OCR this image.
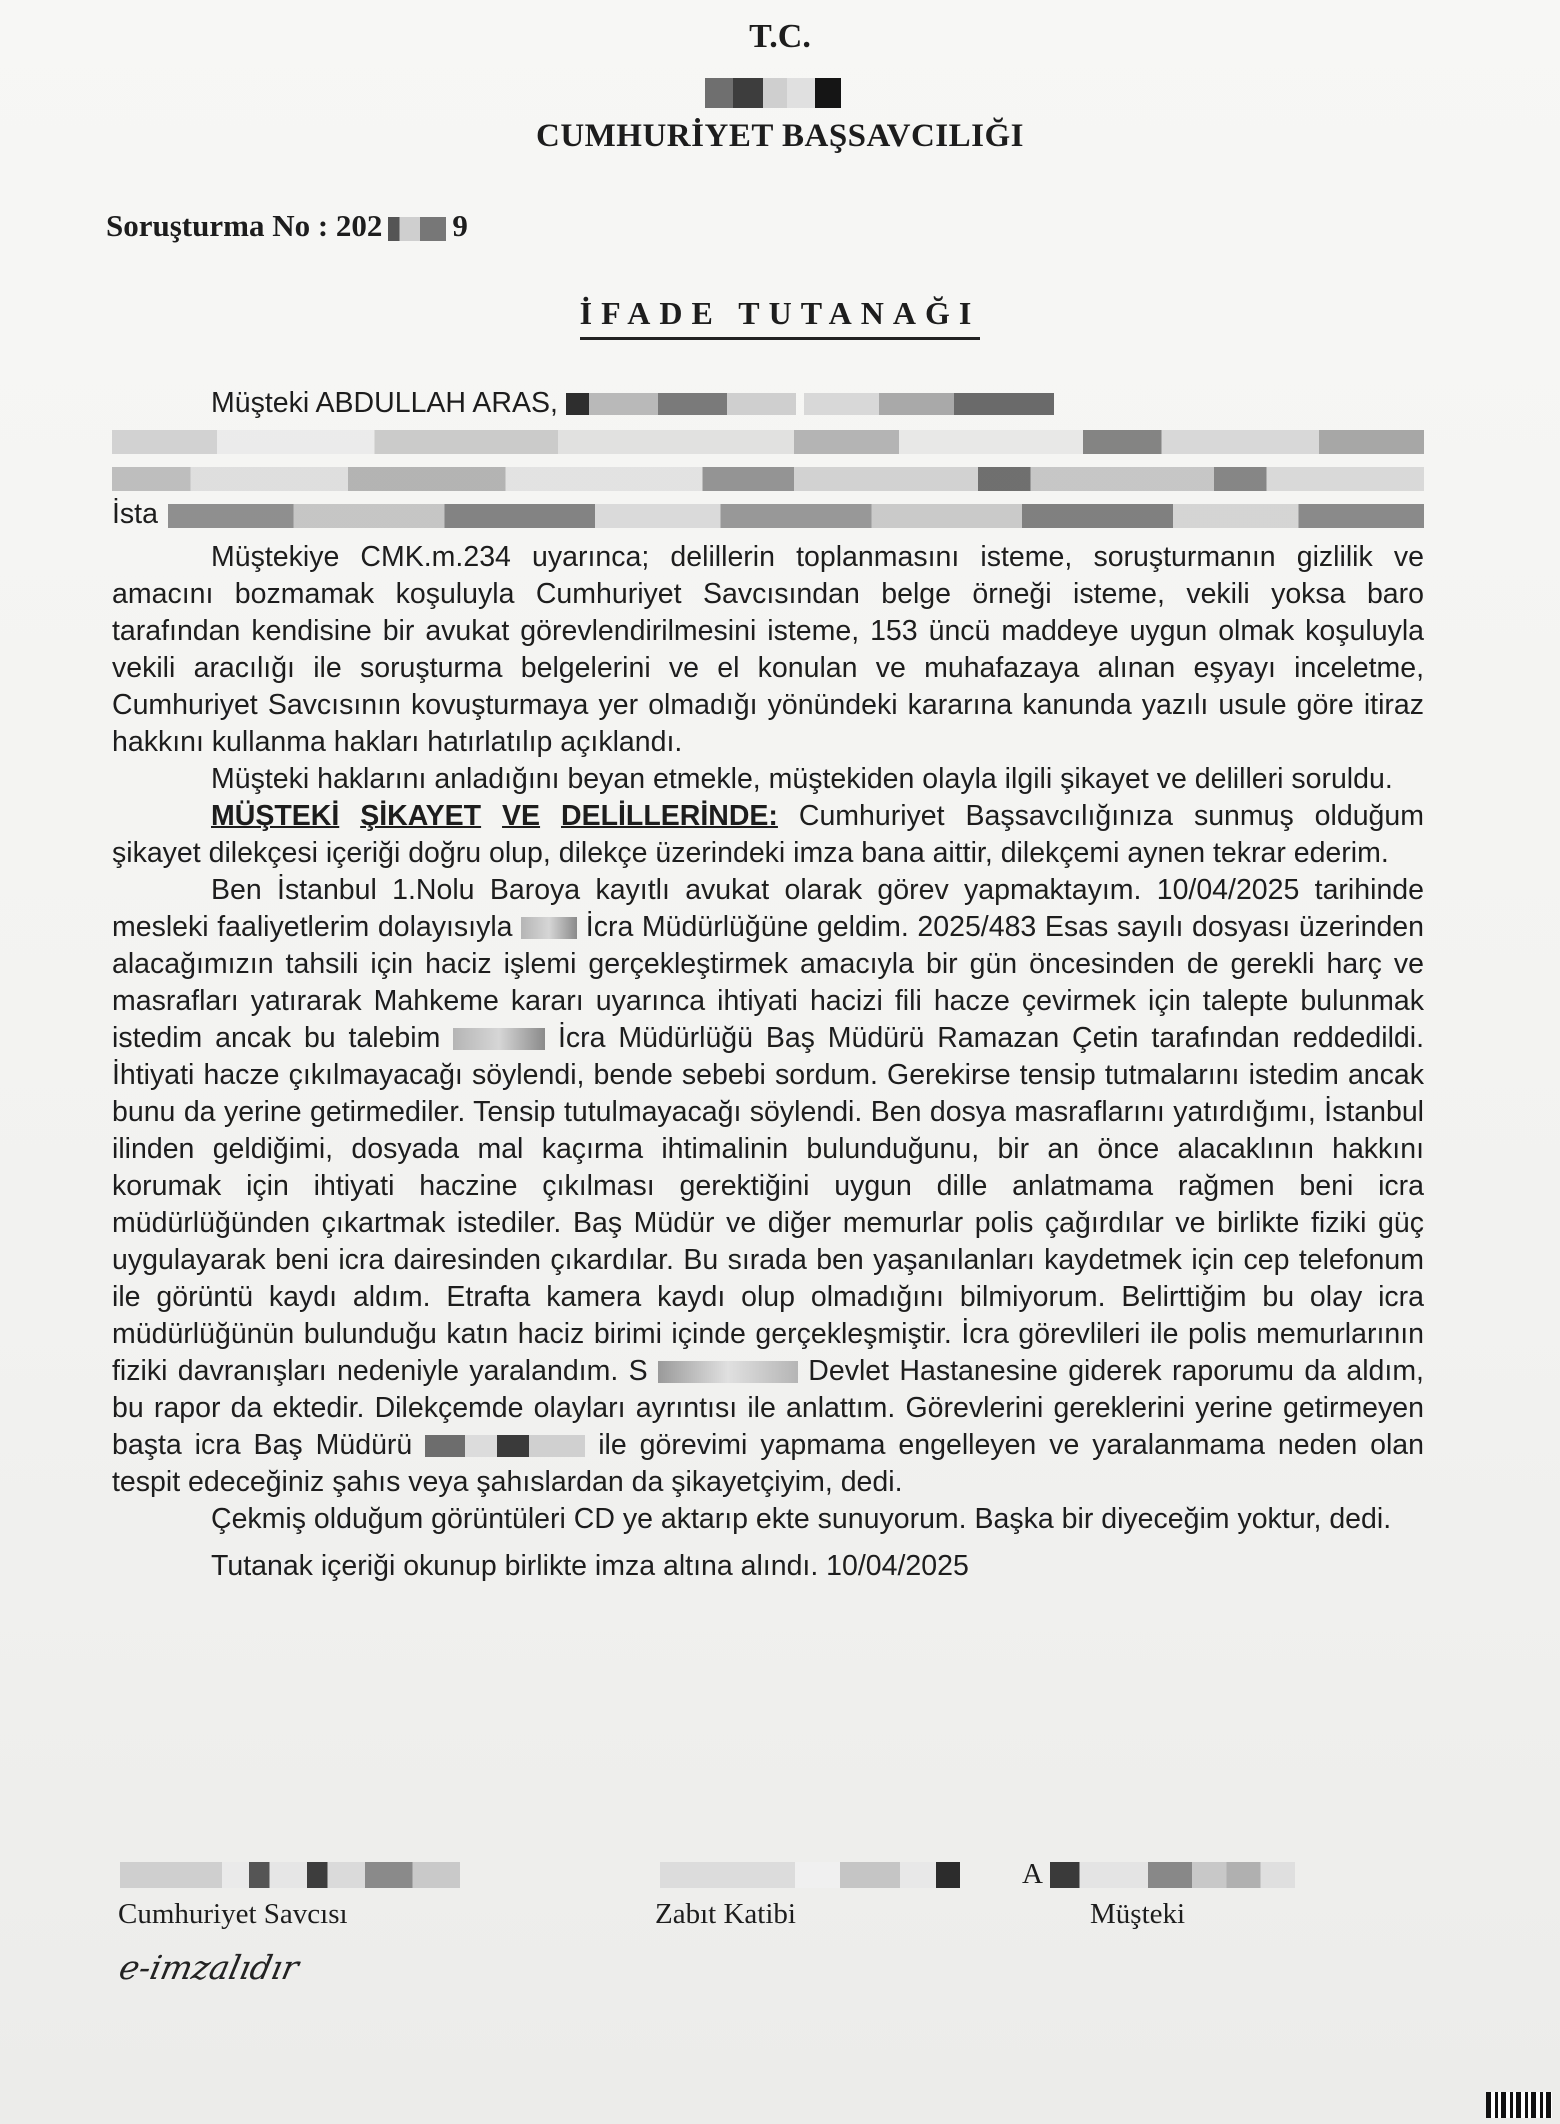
T.C.
CUMHURİYET BAŞSAVCILIĞI
Soruşturma No : 202 9
İFADE TUTANAĞI

Müşteki ABDULLAH ARAS,

İsta

Müştekiye CMK.m.234 uyarınca; delillerin toplanmasını isteme, soruşturmanın gizlilik ve amacını bozmamak koşuluyla Cumhuriyet Savcısından belge örneği isteme, vekili yoksa baro tarafından kendisine bir avukat görevlendirilmesini isteme, 153 üncü maddeye uygun olmak koşuluyla vekili aracılığı ile soruşturma belgelerini ve el konulan ve muhafazaya alınan eşyayı inceletme, Cumhuriyet Savcısının kovuşturmaya yer olmadığı yönündeki kararına kanunda yazılı usule göre itiraz hakkını kullanma hakları hatırlatılıp açıklandı.

Müşteki haklarını anladığını beyan etmekle, müştekiden olayla ilgili şikayet ve delilleri soruldu.

MÜŞTEKİ ŞİKAYET VE DELİLLERİNDE: Cumhuriyet Başsavcılığınıza sunmuş olduğum şikayet dilekçesi içeriği doğru olup, dilekçe üzerindeki imza bana aittir, dilekçemi aynen tekrar ederim.

Ben İstanbul 1.Nolu Baroya kayıtlı avukat olarak görev yapmaktayım. 10/04/2025 tarihinde mesleki faaliyetlerim dolayısıyla	İcra Müdürlüğüne geldim. 2025/483 Esas sayılı dosyası üzerinden alacağımızın tahsili için haciz işlemi gerçekleştirmek amacıyla bir gün öncesinden de gerekli harç ve masrafları yatırarak Mahkeme kararı uyarınca ihtiyati hacizi fili hacze çevirmek için talepte bulunmak istedim ancak bu talebim	İcra Müdürlüğü Baş Müdürü Ramazan Çetin tarafından reddedildi. İhtiyati hacze çıkılmayacağı söylendi, bende sebebi sordum. Gerekirse tensip tutmalarını istedim ancak bunu da yerine getirmediler. Tensip tutulmayacağı söylendi. Ben dosya masraflarını yatırdığımı, İstanbul ilinden geldiğimi, dosyada mal kaçırma ihtimalinin bulunduğunu, bir an önce alacaklının hakkını korumak için ihtiyati haczine çıkılması gerektiğini uygun dille anlatmama rağmen beni icra müdürlüğünden çıkartmak istediler. Baş Müdür ve diğer memurlar polis çağırdılar ve birlikte fiziki güç uygulayarak beni icra dairesinden çıkardılar. Bu sırada ben yaşanılanları kaydetmek için cep telefonum ile görüntü kaydı aldım. Etrafta kamera kaydı olup olmadığını bilmiyorum. Belirttiğim bu olay icra müdürlüğünün bulunduğu katın haciz birimi içinde gerçekleşmiştir. İcra görevlileri ile polis memurlarının fiziki davranışları nedeniyle yaralandım. S	Devlet Hastanesine giderek raporumu da aldım, bu rapor da ektedir. Dilekçemde olayları ayrıntısı ile anlattım. Görevlerini gereklerini yerine getirmeyen başta icra Baş Müdürü	ile görevimi yapmama engelleyen ve yaralanmama neden olan tespit edeceğiniz şahıs veya şahıslardan da şikayetçiyim, dedi.

Çekmiş olduğum görüntüleri CD ye aktarıp ekte sunuyorum. Başka bir diyeceğim yoktur, dedi.

Tutanak içeriği okunup birlikte imza altına alındı. 10/04/2025

A
Cumhuriyet Savcısı	Zabıt Katibi	Müşteki
e-imzalıdır
